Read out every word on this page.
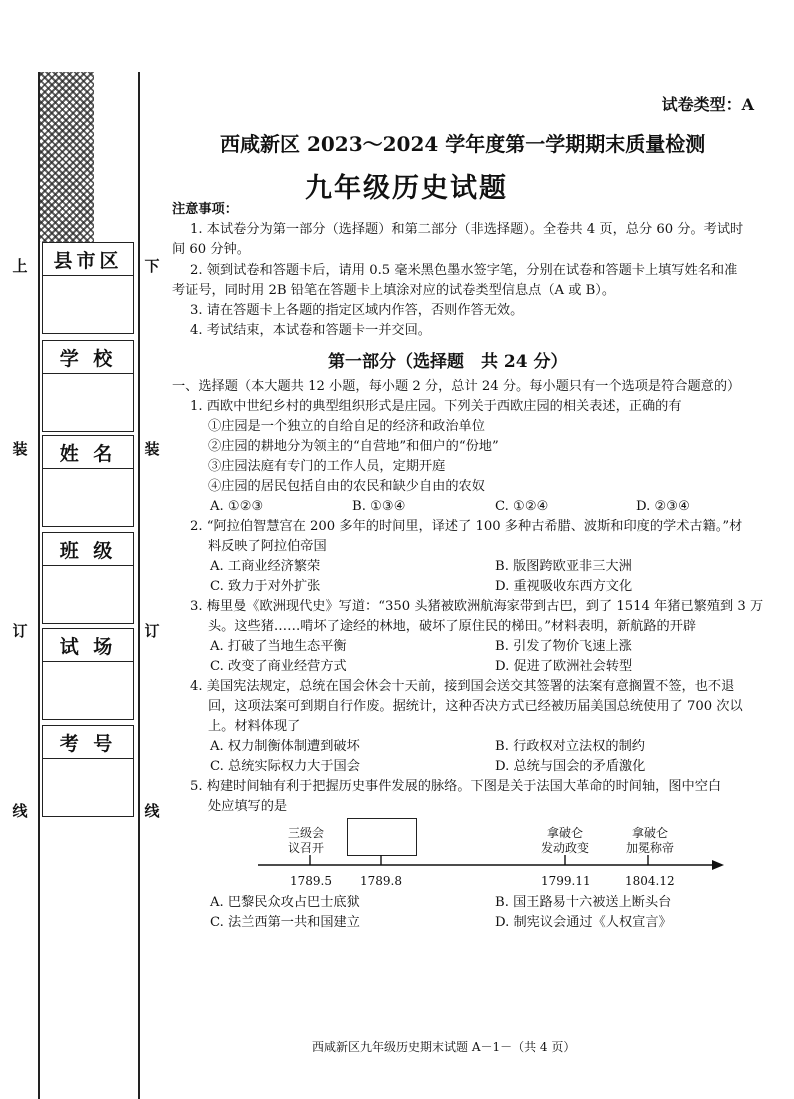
上
装
订
线
下
装
订
线
县市区
学 校
姓 名
班 级
试 场
考 号
试卷类型：A
西咸新区 2023～2024 学年度第一学期期末质量检测
九年级历史试题
注意事项：
1. 本试卷分为第一部分（选择题）和第二部分（非选择题）。全卷共 4 页，总分 60 分。考试时
间 60 分钟。
2. 领到试卷和答题卡后，请用 0.5 毫米黑色墨水签字笔，分别在试卷和答题卡上填写姓名和准
考证号，同时用 2B 铅笔在答题卡上填涂对应的试卷类型信息点（A 或 B）。
3. 请在答题卡上各题的指定区域内作答，否则作答无效。
4. 考试结束，本试卷和答题卡一并交回。
第一部分（选择题　共 24 分）
一、选择题（本大题共 12 小题，每小题 2 分，总计 24 分。每小题只有一个选项是符合题意的）
1. 西欧中世纪乡村的典型组织形式是庄园。下列关于西欧庄园的相关表述，正确的有
①庄园是一个独立的自给自足的经济和政治单位
②庄园的耕地分为领主的“自营地”和佃户的“份地”
③庄园法庭有专门的工作人员，定期开庭
④庄园的居民包括自由的农民和缺少自由的农奴
A. ①②③	B. ①③④	C. ①②④	D. ②③④
2. “阿拉伯智慧宫在 200 多年的时间里，译述了 100 多种古希腊、波斯和印度的学术古籍。”材
料反映了阿拉伯帝国
A. 工商业经济繁荣	B. 版图跨欧亚非三大洲
C. 致力于对外扩张	D. 重视吸收东西方文化
3. 梅里曼《欧洲现代史》写道：“350 头猪被欧洲航海家带到古巴，到了 1514 年猪已繁殖到 3 万
头。这些猪……啃坏了途经的林地，破坏了原住民的梯田。”材料表明，新航路的开辟
A. 打破了当地生态平衡	B. 引发了物价飞速上涨
C. 改变了商业经营方式	D. 促进了欧洲社会转型
4. 美国宪法规定，总统在国会休会十天前，接到国会送交其签署的法案有意搁置不签，也不退
回，这项法案可到期自行作废。据统计，这种否决方式已经被历届美国总统使用了 700 次以
上。材料体现了
A. 权力制衡体制遭到破坏	B. 行政权对立法权的制约
C. 总统实际权力大于国会	D. 总统与国会的矛盾激化
5. 构建时间轴有利于把握历史事件发展的脉络。下图是关于法国大革命的时间轴，图中空白
处应填写的是
三级会
议召开
拿破仑
发动政变
拿破仑
加冕称帝
1789.5 1789.8	1799.11	1804.12
A. 巴黎民众攻占巴士底狱	B. 国王路易十六被送上断头台
C. 法兰西第一共和国建立	D. 制宪议会通过《人权宣言》
西咸新区九年级历史期末试题 A－1－（共 4 页）
